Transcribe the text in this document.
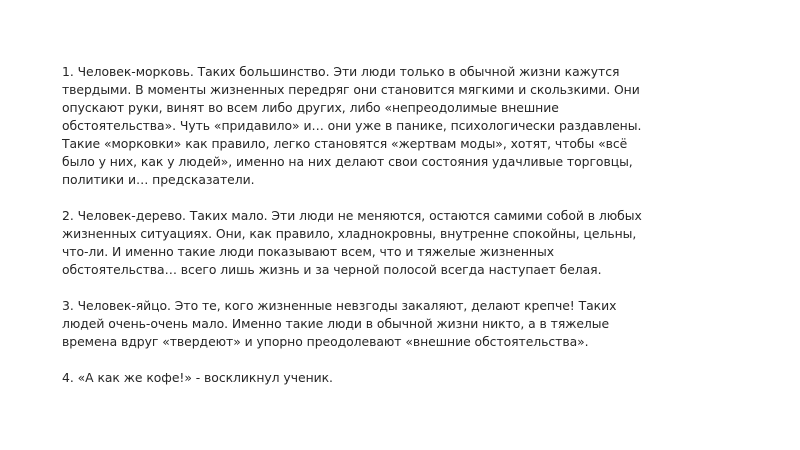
1. Человек-морковь. Таких большинство. Эти люди только в обычной жизни кажутся
твердыми. В моменты жизненных передряг они становится мягкими и скользкими. Они
опускают руки, винят во всем либо других, либо «непреодолимые внешние
обстоятельства». Чуть «придавило» и… они уже в панике, психологически раздавлены.
Такие «морковки» как правило, легко становятся «жертвам моды», хотят, чтобы «всё
было у них, как у людей», именно на них делают свои состояния удачливые торговцы,
политики и… предсказатели.

2. Человек-дерево. Таких мало. Эти люди не меняются, остаются самими собой в любых
жизненных ситуациях. Они, как правило, хладнокровны, внутренне спокойны, цельны,
что-ли. И именно такие люди показывают всем, что и тяжелые жизненных
обстоятельства… всего лишь жизнь и за черной полосой всегда наступает белая.

3. Человек-яйцо. Это те, кого жизненные невзгоды закаляют, делают крепче! Таких
людей очень-очень мало. Именно такие люди в обычной жизни никто, а в тяжелые
времена вдруг «твердеют» и упорно преодолевают «внешние обстоятельства».

4. «А как же кофе!» - воскликнул ученик.
